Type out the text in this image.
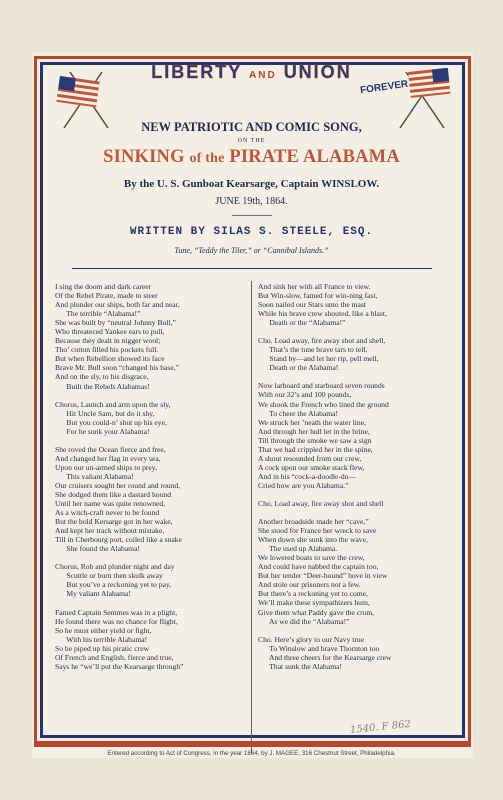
LIBERTY AND UNION
FOREVER
NEW PATRIOTIC AND COMIC SONG,
ON THE
SINKING of the PIRATE ALABAMA
By the U. S. Gunboat Kearsarge, Captain WINSLOW.
JUNE 19th, 1864.
WRITTEN BY SILAS S. STEELE, ESQ.
Tune, “Teddy the Tiler,” or “Cannibal Islands.”
I sing the doom and dark career
Of the Rebel Pirate, made to steer
And plunder our ships, both far and near,
The terrible “Alabama!”
She was built by “neutral Johnny Bull,”
Who threateced Yankee ears to pull,
Because they dealt in nigger wool;
Tho’ cotton filled his pockets full.
But when Rebellion showed its face
Brave Mr. Bull soon “changed his base,”
And on the sly, to his disgrace,
Built the Rebels Alabamas!
Chorus, Launch and arm upon the sly,
Hit Uncle Sam, but do it shy,
But you could-n’ shut up his eye,
For he sunk your Alabama!
She roved the Ocean fierce and free,
And changed her flag in every sea,
Upon our un-armed ships to prey,
This valiant Alabama!
Our cruisers sought her round and round,
She dodged them like a dastard hound
Until her name was quite renowned,
As a witch-craft never to be found
But the bold Kersarge got in her wake,
And kept her track without mistake,
Till in Cherbourg port, coiled like a snake
She found the Alabama!
Chorus, Rob and plunder night and day
Scuttle or burn then skulk away
But you’ve a reckoning yet to pay,
My valiant Alabama!
Famed Captain Semmes was in a plight,
He found there was no chance for flight,
So he must either yield or fight,
With his terrible Alabama!
So he piped up his piratic crew
Of French and English, fierce and true,
Says he “we’ll put the Kearsarge through”
And sink her with all France to view.
But Win-slow, famed for win-ning fast,
Soon nailed our Stars unto the mast
While his brave crew shouted, like a blast,
Death or the “Alabama!”
Cho. Load away, fire away shot and shell,
That’s the tune brave tars to tell,
Stand by—and let her rip, pell mell,
Death or the Alabama!
Now larboard and starboard seven rounds
With our 32’s and 100 pounds,
We shook the French who lined the ground
To cheer the Alabama!
We struck her ’neath the water line,
And through her hull let in the brine,
Till through the smoke we saw a sign
That we had crippled her in the spine,
A shout resounded from our crew,
A cock upon our smoke stack flew,
And in his “cock-a-doodle-do—
Cried how are you Alabama.”
Cho. Load away, fire away shot and shell
Another broadside made her “cave,”
She stood for France her wreck to save
When down she sunk into the wave,
The used up Alabama.
We lowered boats to save the crew,
And could have nabbed the captain too,
But her tender “Deer-hound” hove in view
And stole our prisoners not a few.
But there’s a reckoning yet to come,
We’ll make these sympathizers hum,
Give them what Paddy gave the crum,
As we did the “Alabama!”
Cho. Here’s glory to our Navy true
To Winslow and brave Thornton too
And three cheers for the Kearsarge crew
That sunk the Alabama!
Entered according to Act of Congress, in the year 1864, by J. MAGEE, 316 Chestnut Street, Philadelphia.
1540. F 862
